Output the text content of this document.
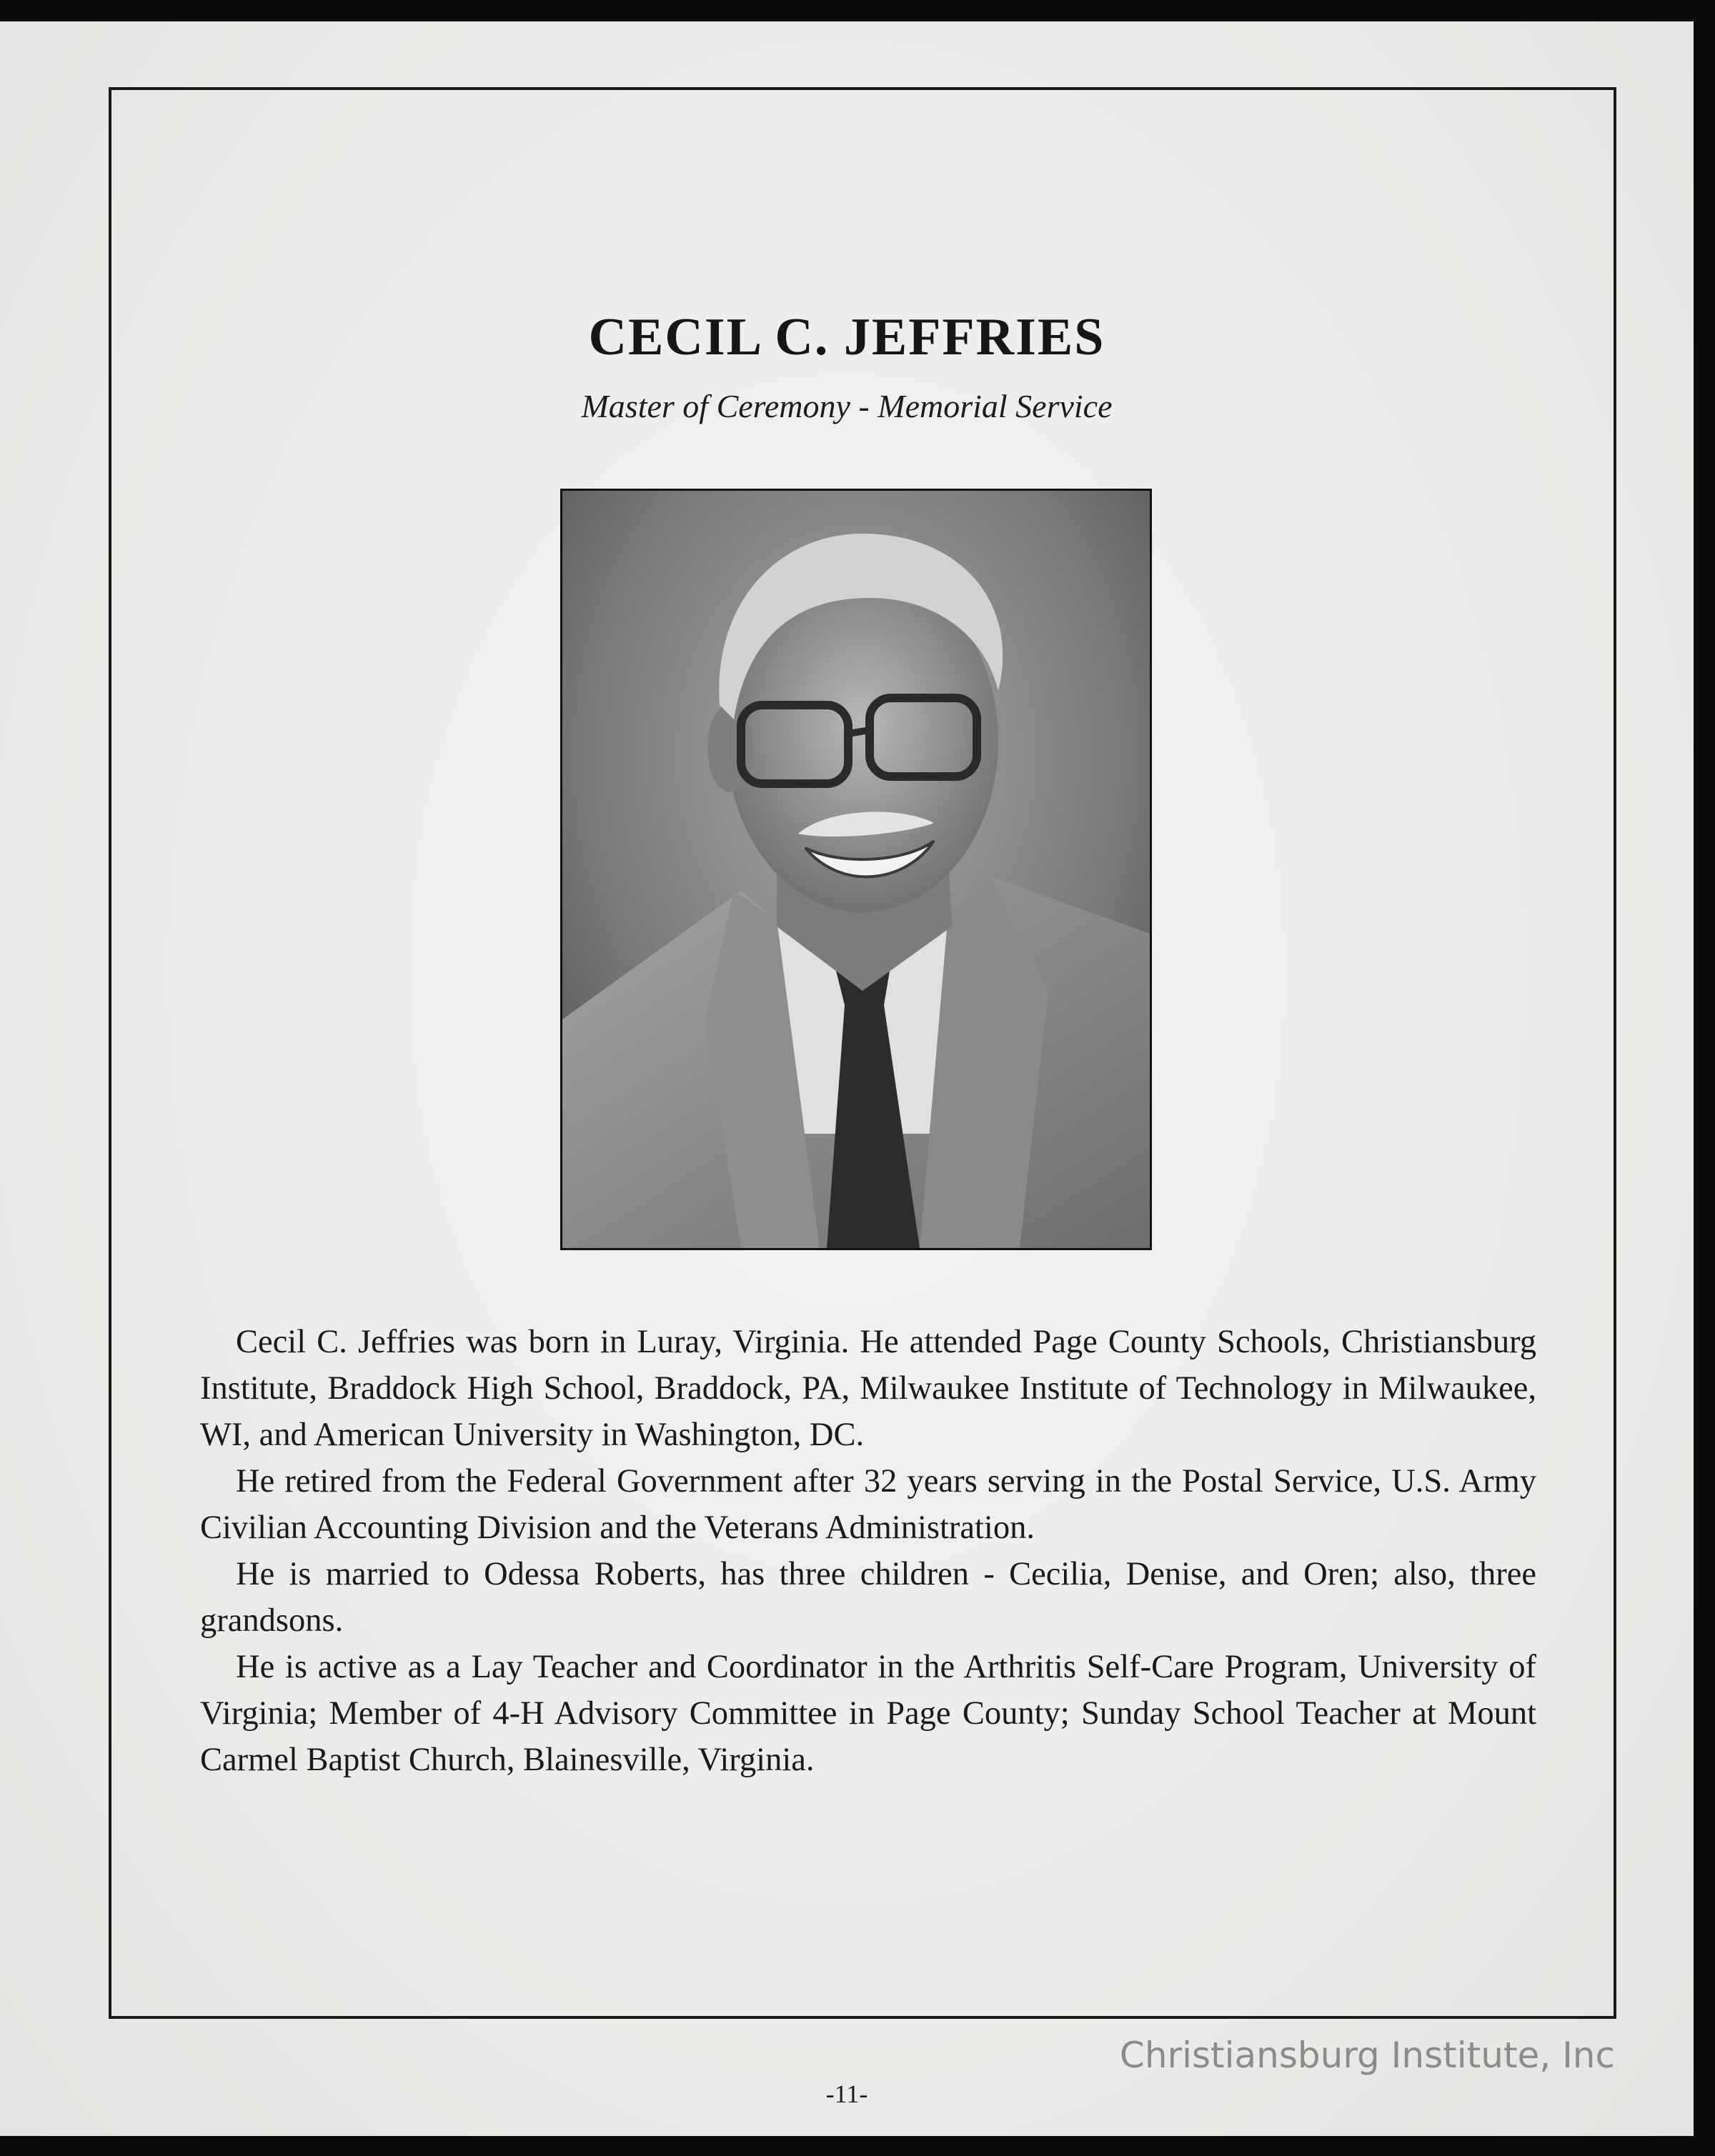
CECIL C. JEFFRIES
Master of Ceremony - Memorial Service

Cecil C. Jeffries was born in Luray, Virginia. He attended Page County Schools, Christiansburg Institute, Braddock High School, Braddock, PA, Milwaukee Institute of Technology in Milwaukee, WI, and American University in Washington, DC.

He retired from the Federal Government after 32 years serving in the Postal Service, U.S. Army Civilian Accounting Division and the Veterans Administration.

He is married to Odessa Roberts, has three children - Cecilia, Denise, and Oren; also, three grandsons.

He is active as a Lay Teacher and Coordinator in the Arthritis Self-Care Program, University of Virginia; Member of 4-H Advisory Committee in Page County; Sunday School Teacher at Mount Carmel Baptist Church, Blainesville, Virginia.

Christiansburg Institute, Inc
-11-
